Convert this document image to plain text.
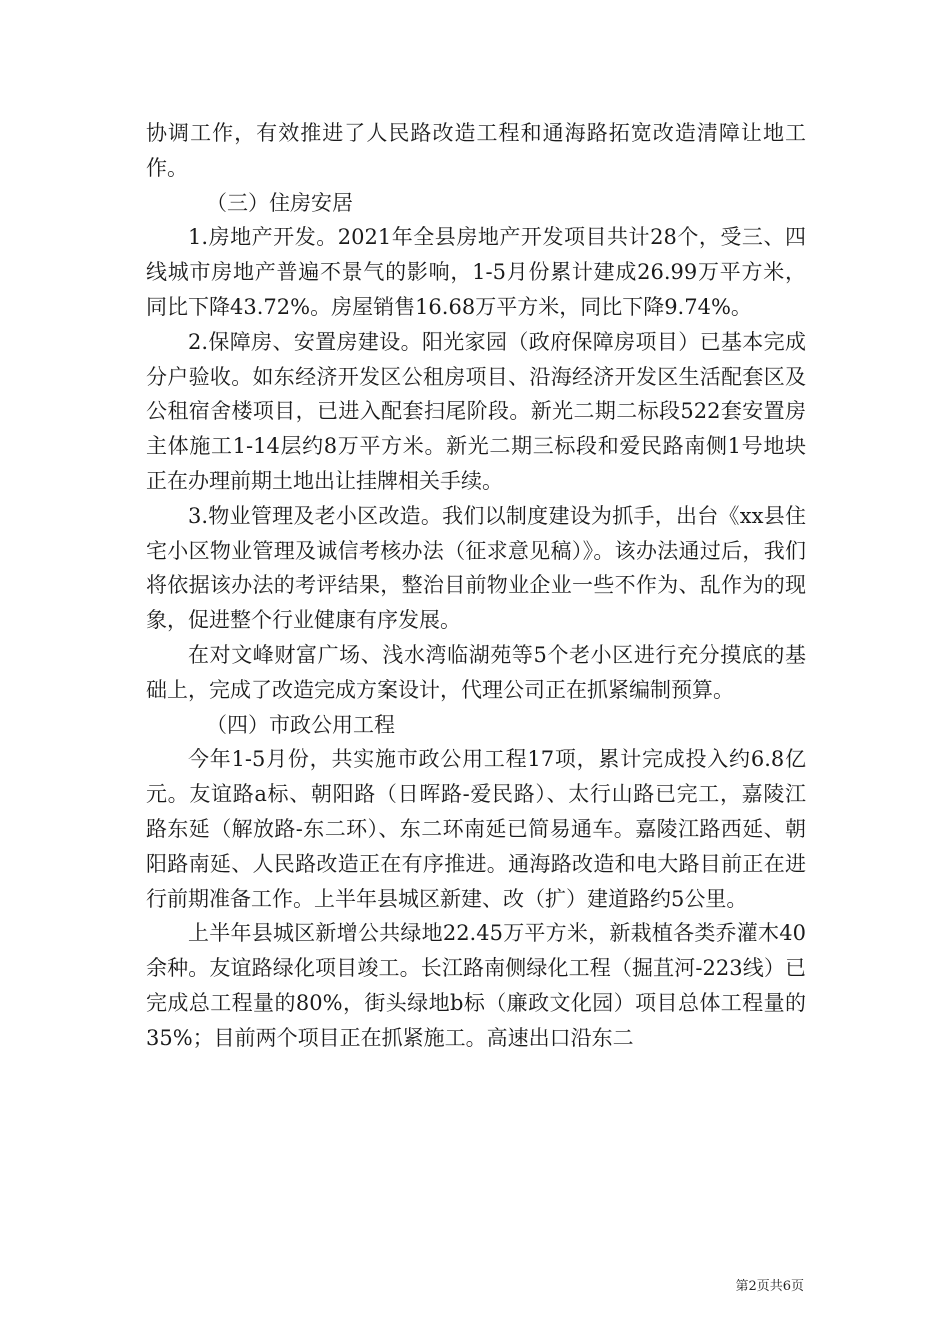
协调工作，有效推进了人民路改造工程和通海路拓宽改造清障让地工作。

（三）住房安居

1.房地产开发。2021年全县房地产开发项目共计28个，受三、四线城市房地产普遍不景气的影响，1-5月份累计建成26.99万平方米，同比下降43.72%。房屋销售16.68万平方米，同比下降9.74%。

2.保障房、安置房建设。阳光家园（政府保障房项目）已基本完成分户验收。如东经济开发区公租房项目、沿海经济开发区生活配套区及公租宿舍楼项目，已进入配套扫尾阶段。新光二期二标段522套安置房主体施工1-14层约8万平方米。新光二期三标段和爱民路南侧1号地块正在办理前期土地出让挂牌相关手续。

3.物业管理及老小区改造。我们以制度建设为抓手，出台《xx县住宅小区物业管理及诚信考核办法（征求意见稿）》。该办法通过后，我们将依据该办法的考评结果，整治目前物业企业一些不作为、乱作为的现象，促进整个行业健康有序发展。

在对文峰财富广场、浅水湾临湖苑等5个老小区进行充分摸底的基础上，完成了改造完成方案设计，代理公司正在抓紧编制预算。

（四）市政公用工程

今年1-5月份，共实施市政公用工程17项，累计完成投入约6.8亿元。友谊路a标、朝阳路（日晖路-爱民路）、太行山路已完工，嘉陵江路东延（解放路-东二环）、东二环南延已简易通车。嘉陵江路西延、朝阳路南延、人民路改造正在有序推进。通海路改造和电大路目前正在进行前期准备工作。上半年县城区新建、改（扩）建道路约5公里。

上半年县城区新增公共绿地22.45万平方米，新栽植各类乔灌木40余种。友谊路绿化项目竣工。长江路南侧绿化工程（掘苴河-223线）已完成总工程量的80%，街头绿地b标（廉政文化园）项目总体工程量的35%；目前两个项目正在抓紧施工。高速出口沿东二

第2页共6页
